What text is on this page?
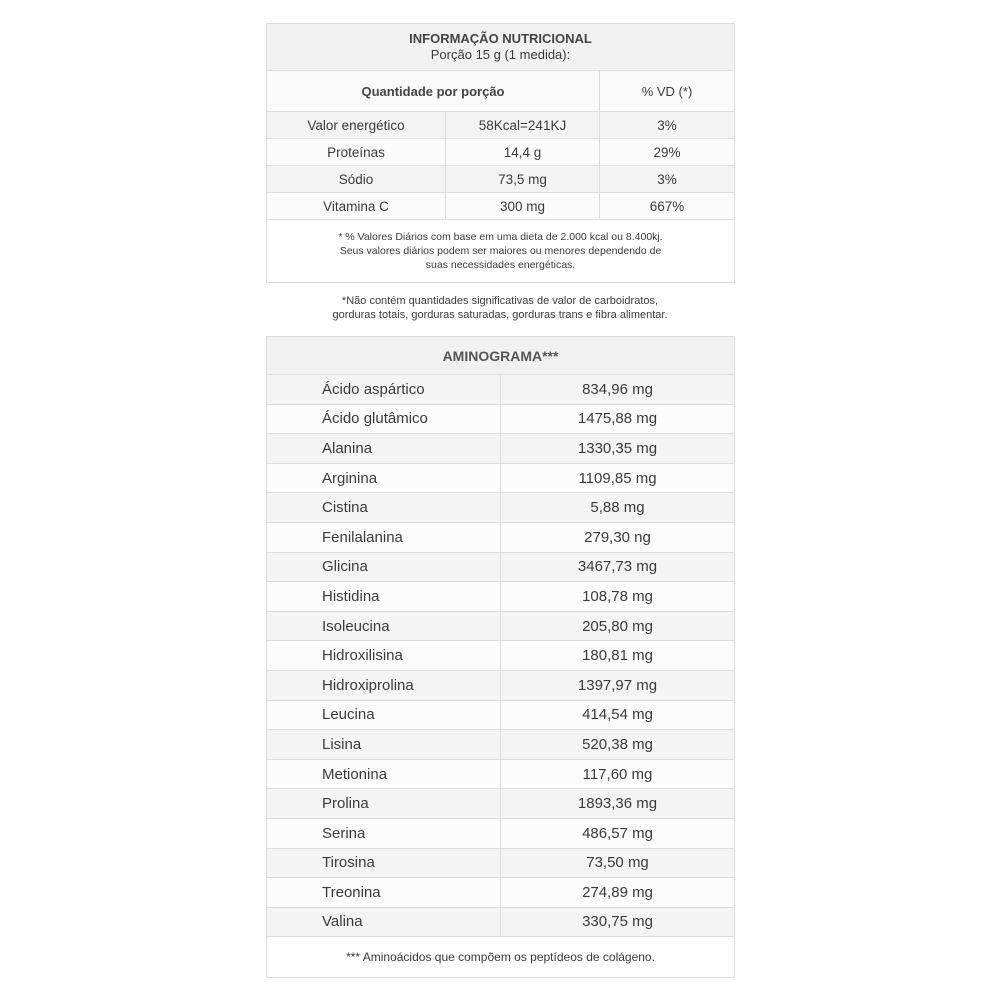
INFORMAÇÃO NUTRICIONAL
Porção 15 g (1 medida):		
Quantidade por porção		% VD (*)
Valor energético	58Kcal=241KJ	3%
Proteínas	14,4 g	29%
Sódio	73,5 mg	3%
Vitamina C	300 mg	667%

* % Valores Diários com base em uma dieta de 2.000 kcal ou 8.400kj.
Seus valores diários podem ser maiores ou menores dependendo de
suas necessidades energéticas.		
*Não contém quantidades significativas de valor de carboidratos,
gorduras totais, gorduras saturadas, gorduras trans e fibra alimentar.
AMINOGRAMA***	
Ácido aspártico	834,96 mg
Ácido glutâmico	1475,88 mg
Alanina	1330,35 mg
Arginina	1109,85 mg
Cistina	5,88 mg
Fenilalanina	279,30 ng
Glicina	3467,73 mg
Histidina	108,78 mg
Isoleucina	205,80 mg
Hidroxilisina	180,81 mg
Hidroxiprolina	1397,97 mg
Leucina	414,54 mg
Lisina	520,38 mg
Metionina	117,60 mg
Prolina	1893,36 mg
Serina	486,57 mg
Tirosina	73,50 mg
Treonina	274,89 mg
Valina	330,75 mg
*** Aminoácidos que compõem os peptídeos de colágeno.	
